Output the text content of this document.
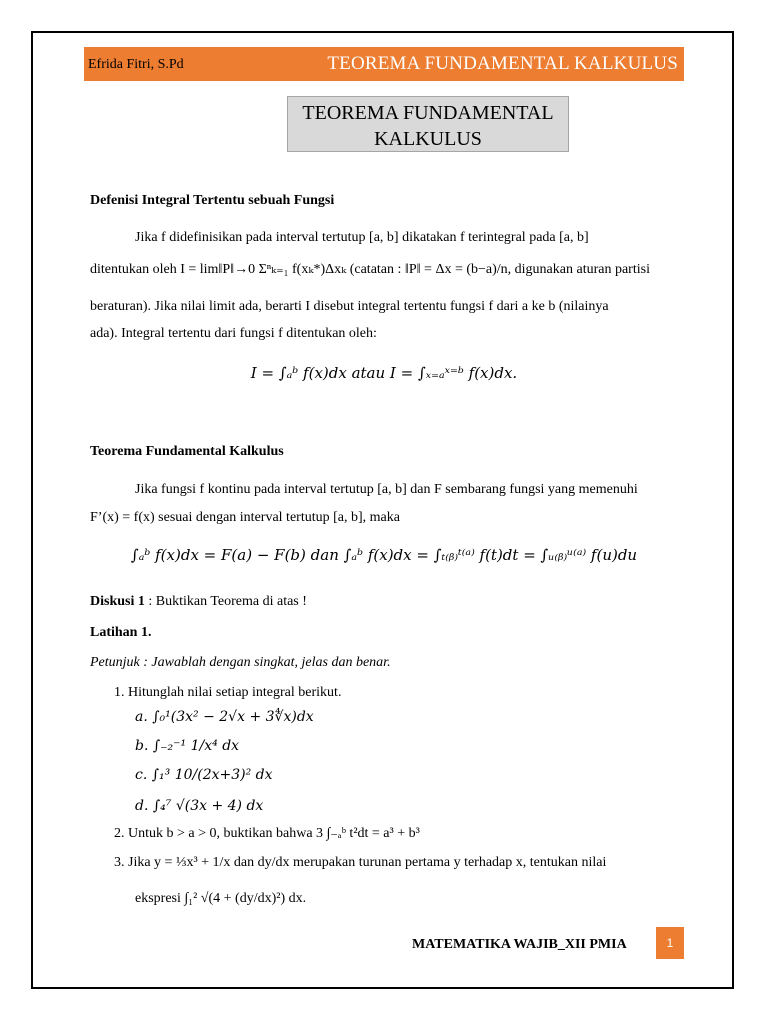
Efrida Fitri, S.Pd	TEOREMA FUNDAMENTAL KALKULUS
TEOREMA FUNDAMENTAL
KALKULUS
Defenisi Integral Tertentu sebuah Fungsi
Jika f didefinisikan pada interval tertutup [a, b] dikatakan f terintegral pada [a, b]
ditentukan oleh I = lim‖P‖→0 Σⁿₖ₌₁ f(xₖ*)Δxₖ (catatan : ‖P‖ = Δx = (b−a)/n, digunakan aturan partisi
beraturan). Jika nilai limit ada, berarti I disebut integral tertentu fungsi f dari a ke b (nilainya
ada). Integral tertentu dari fungsi f ditentukan oleh:
I = ∫ₐᵇ f(x)dx atau I = ∫ₓ₌ₐˣ⁼ᵇ f(x)dx.
Teorema Fundamental Kalkulus
Jika fungsi f kontinu pada interval tertutup [a, b] dan F sembarang fungsi yang memenuhi
F’(x) = f(x) sesuai dengan interval tertutup [a, b], maka
∫ₐᵇ f(x)dx = F(a) − F(b) dan ∫ₐᵇ f(x)dx = ∫ₜ₍ᵦ₎ᵗ⁽ᵃ⁾ f(t)dt = ∫ᵤ₍ᵦ₎ᵘ⁽ᵃ⁾ f(u)du
Diskusi 1 : Buktikan Teorema di atas !
Latihan 1.
Petunjuk : Jawablah dengan singkat, jelas dan benar.
1. Hitunglah nilai setiap integral berikut.
a. ∫₀¹(3x² − 2√x + 3∜x)dx
b. ∫₋₂⁻¹ 1/x⁴ dx
c. ∫₁³ 10/(2x+3)² dx
d. ∫₄⁷ √(3x + 4) dx
2. Untuk b > a > 0, buktikan bahwa 3 ∫₋ₐᵇ t²dt = a³ + b³
3. Jika y = ⅓x³ + 1/x dan dy/dx merupakan turunan pertama y terhadap x, tentukan nilai
ekspresi ∫₁² √(4 + (dy/dx)²) dx.
MATEMATIKA WAJIB_XII PMIA	1
